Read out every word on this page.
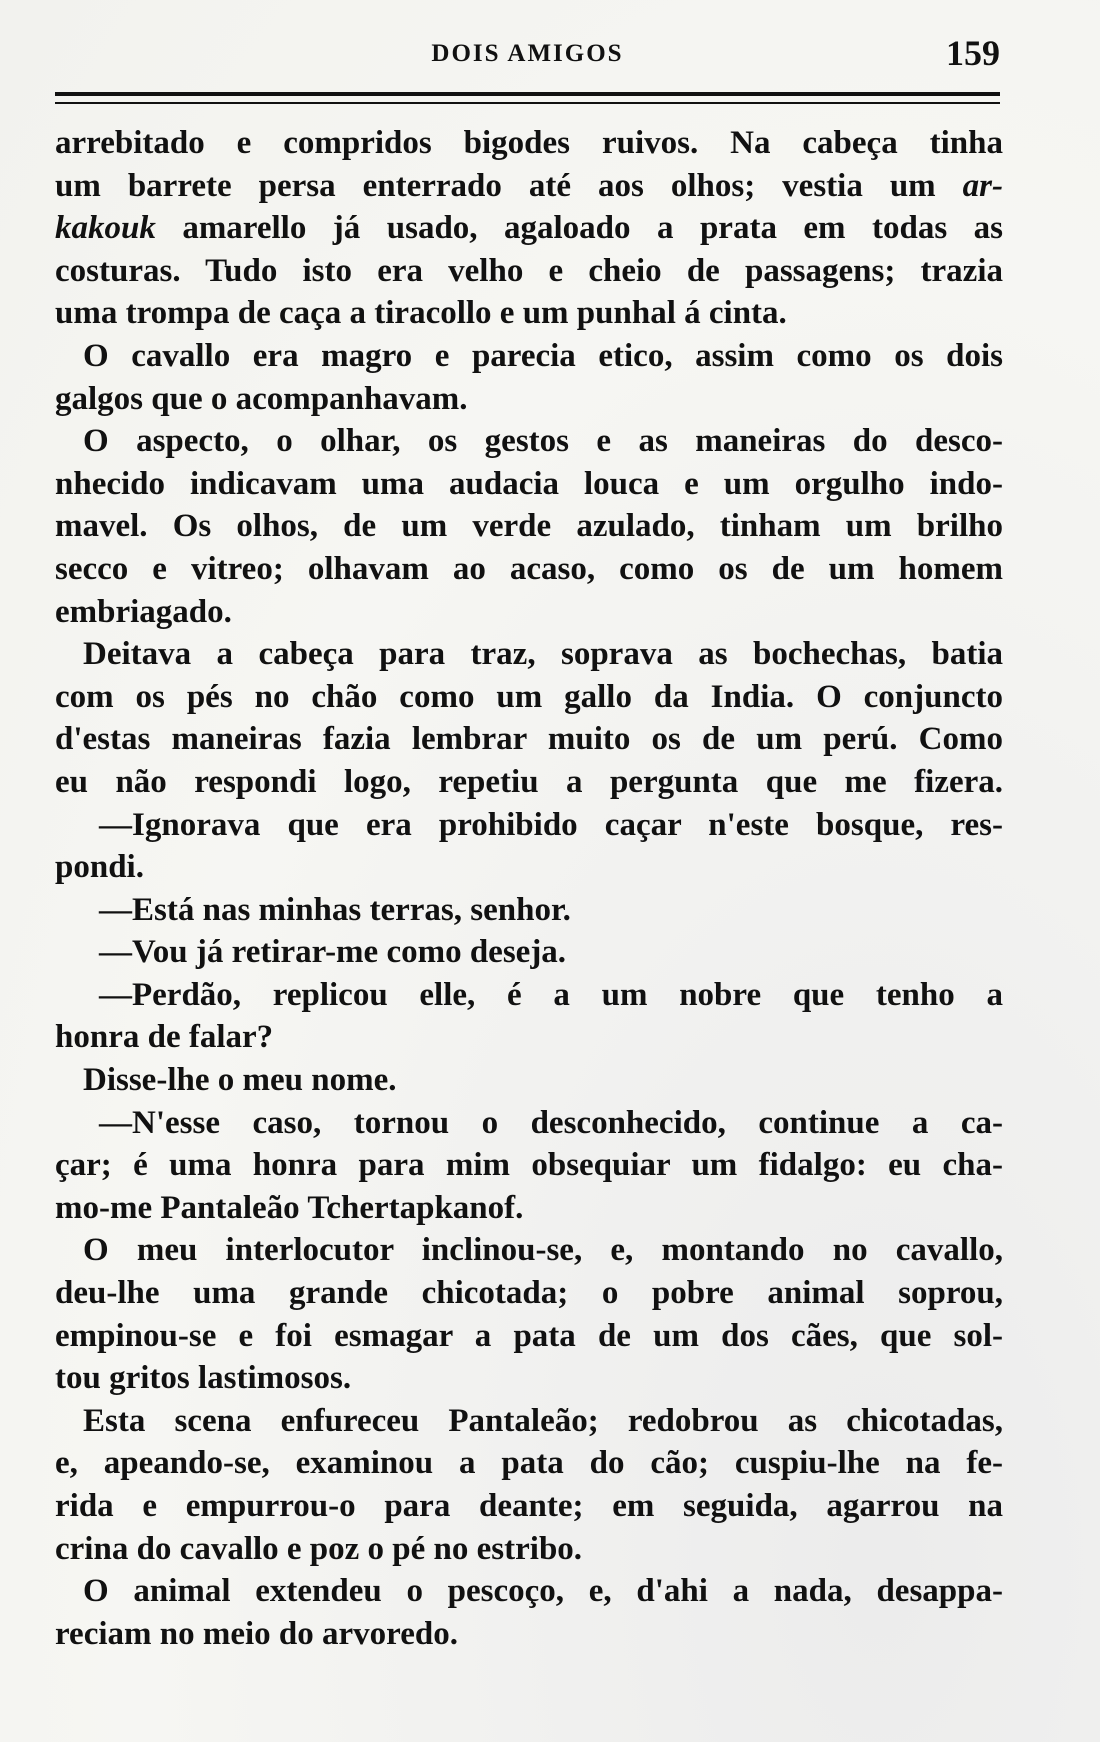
DOIS AMIGOS	159
arrebitado e compridos bigodes ruivos. Na cabeça tinha
um barrete persa enterrado até aos olhos; vestia um ar-
kakouk amarello já usado, agaloado a prata em todas as
costuras. Tudo isto era velho e cheio de passagens; trazia
uma trompa de caça a tiracollo e um punhal á cinta.
O cavallo era magro e parecia etico, assim como os dois
galgos que o acompanhavam.
O aspecto, o olhar, os gestos e as maneiras do desco-
nhecido indicavam uma audacia louca e um orgulho indo-
mavel. Os olhos, de um verde azulado, tinham um brilho
secco e vitreo; olhavam ao acaso, como os de um homem
embriagado.
Deitava a cabeça para traz, soprava as bochechas, batia
com os pés no chão como um gallo da India. O conjuncto
d'estas maneiras fazia lembrar muito os de um perú. Como
eu não respondi logo, repetiu a pergunta que me fizera.
—Ignorava que era prohibido caçar n'este bosque, res-
pondi.
—Está nas minhas terras, senhor.
—Vou já retirar-me como deseja.
—Perdão, replicou elle, é a um nobre que tenho a
honra de falar?
Disse-lhe o meu nome.
—N'esse caso, tornou o desconhecido, continue a ca-
çar; é uma honra para mim obsequiar um fidalgo: eu cha-
mo-me Pantaleão Tchertapkanof.
O meu interlocutor inclinou-se, e, montando no cavallo,
deu-lhe uma grande chicotada; o pobre animal soprou,
empinou-se e foi esmagar a pata de um dos cães, que sol-
tou gritos lastimosos.
Esta scena enfureceu Pantaleão; redobrou as chicotadas,
e, apeando-se, examinou a pata do cão; cuspiu-lhe na fe-
rida e empurrou-o para deante; em seguida, agarrou na
crina do cavallo e poz o pé no estribo.
O animal extendeu o pescoço, e, d'ahi a nada, desappa-
reciam no meio do arvoredo.
